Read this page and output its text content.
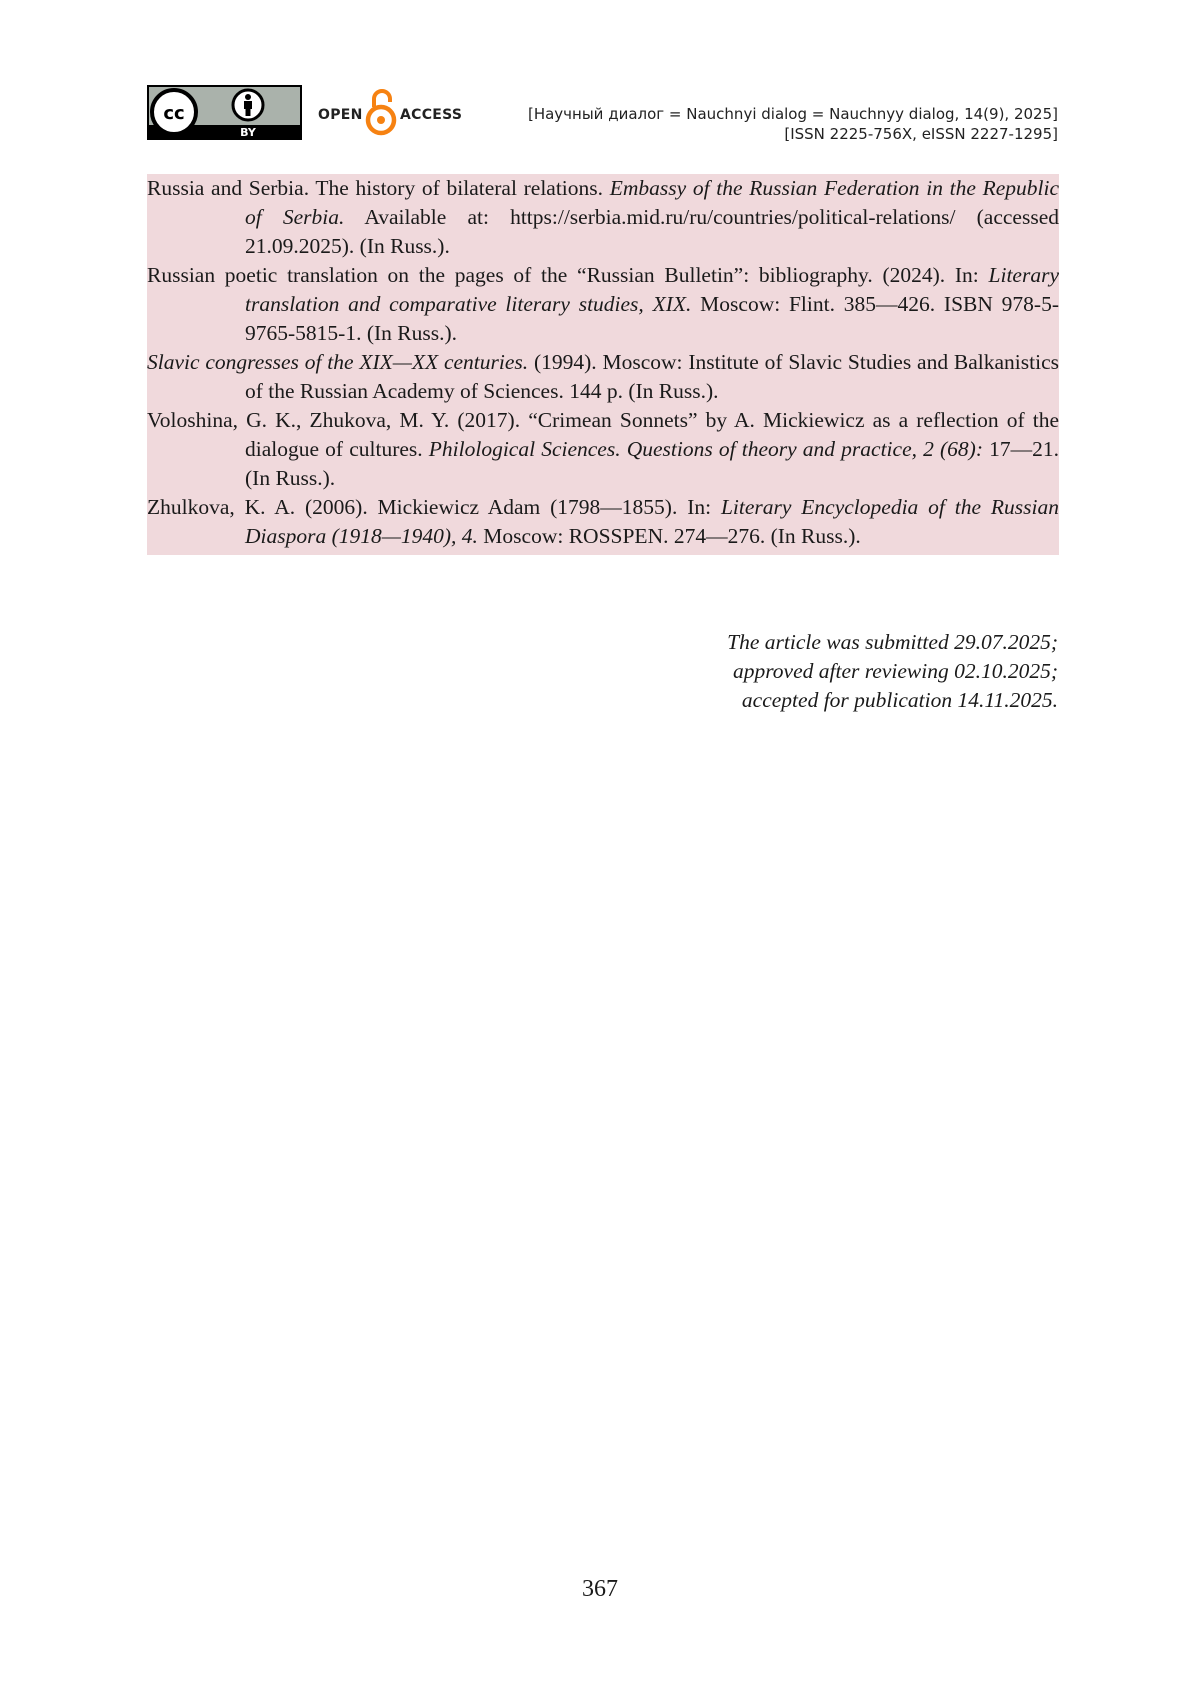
cc
BY
OPEN	ACCESS	[Научный диалог = Nauchnyi dialog = Nauchnyy dialog, 14(9), 2025]
[ISSN 2225-756X, eISSN 2227-1295]
Russia and Serbia. The history of bilateral relations. Embassy of the Russian Federation in the Republic of Serbia. Available at: https://serbia.mid.ru/ru/countries/political-relations/ (accessed 21.09.2025). (In Russ.).
Russian poetic translation on the pages of the “Russian Bulletin”: bibliography. (2024). In: Literary translation and comparative literary studies, XIX. Moscow: Flint. 385—426. ISBN 978-5-9765-5815-1. (In Russ.).
Slavic congresses of the XIX—XX centuries. (1994). Moscow: Institute of Slavic Studies and Balkanistics of the Russian Academy of Sciences. 144 p. (In Russ.).
Voloshina, G. K., Zhukova, M. Y. (2017). “Crimean Sonnets” by A. Mickiewicz as a reflection of the dialogue of cultures. Philological Sciences. Questions of theory and practice, 2 (68): 17—21. (In Russ.).
Zhulkova, K. A. (2006). Mickiewicz Adam (1798—1855). In: Literary Encyclopedia of the Russian Diaspora (1918—1940), 4. Moscow: ROSSPEN. 274—276. (In Russ.).
The article was submitted 29.07.2025;
approved after reviewing 02.10.2025;
accepted for publication 14.11.2025.
367
